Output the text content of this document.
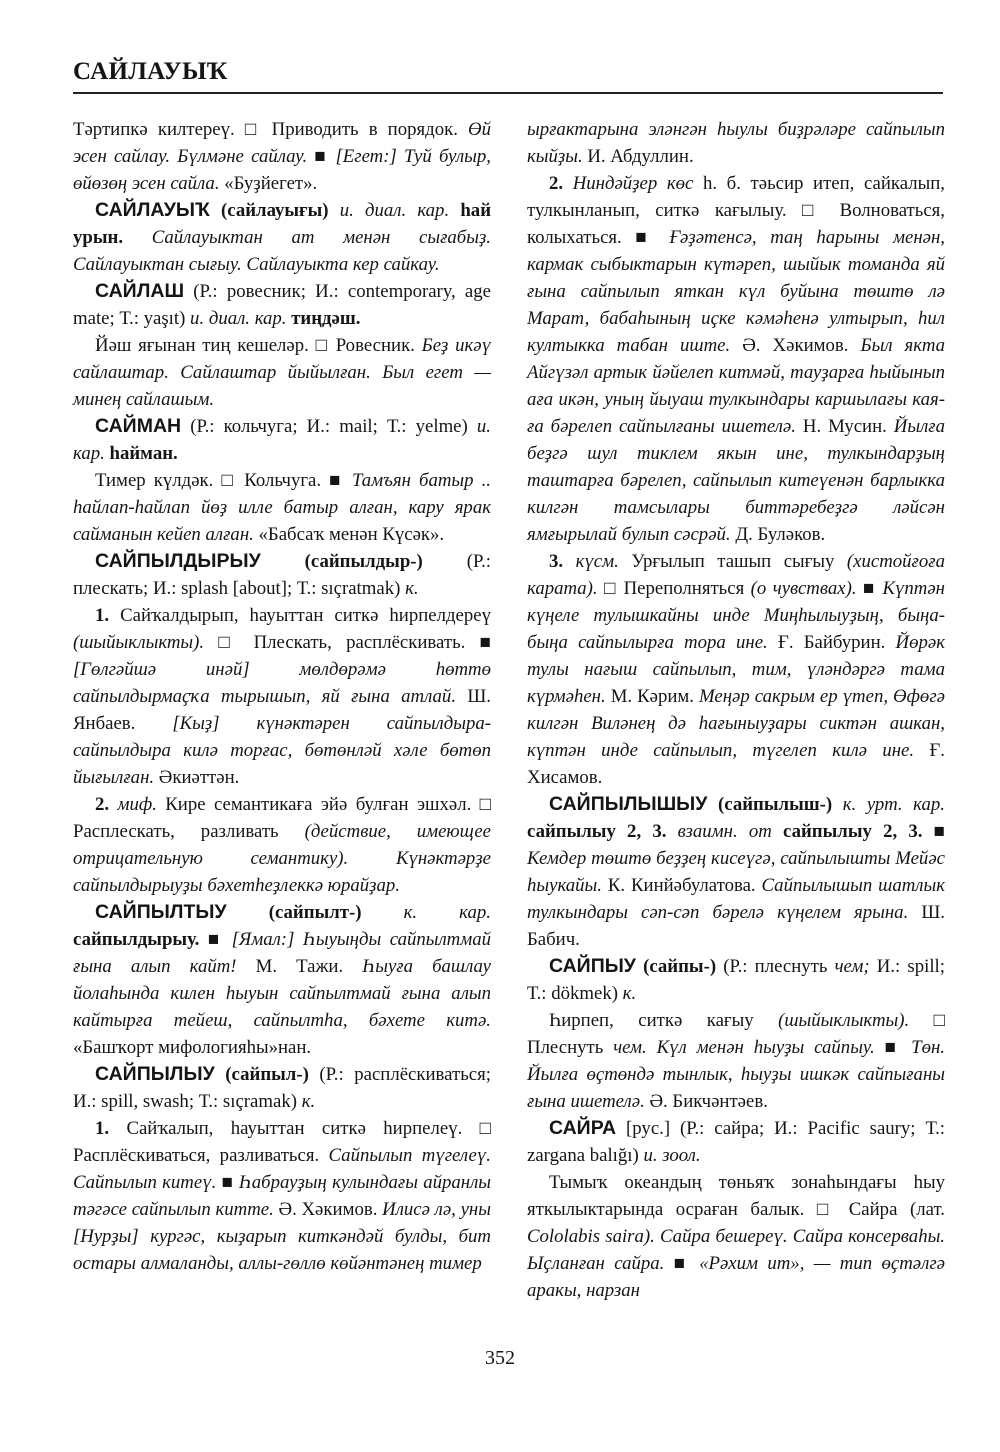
САЙЛАУЫҠ

Тәртипкә килтереү. □ Приводить в порядок. Өй эсен сайлау. Бүлмәне сайлау. ■ [Егет:] Туй булыр, өйөзөң эсен сайла. «Буҙйегет».

САЙЛАУЫҠ (сайлауығы) и. диал. кар. һай урын. Сайлауыктан ат менән сығабыҙ. Сайлауыктан сығыу. Сайлауыкта кер сайкау.

САЙЛАШ (Р.: ровесник; И.: contemporary, age mate; Т.: yaşıt) и. диал. кар. тиңдәш.

Йәш яғынан тиң кешеләр. □ Ровесник. Беҙ икәү сайлаштар. Сайлаштар йыйылған. Был егет — минең сайлашым.

САЙМАН (Р.: кольчуга; И.: mail; Т.: yelme) и. кар. һайман.

Тимер күлдәк. □ Кольчуга. ■ Тамъян батыр .. һайлап-һайлап йөҙ илле батыр алған, кару ярак сайманын кейеп алған. «Бабсаҡ менән Күсәк».

САЙПЫЛДЫРЫУ (сайпылдыр-) (Р.: плескать; И.: splash [about]; Т.: sıçratmak) к.

1. Сайҡалдырып, һауыттан ситкә һирпелдереү (шыйыклыкты). □ Плескать, расплёскивать. ■ [Гөлгәйшә инәй] мөлдөрәмә һөттө сайпылдырмаҫҡа тырышып, яй ғына атлай. Ш. Янбаев. [Кыҙ] күнәктәрен сайпылдыра-сайпылдыра килә торғас, бөтөнләй хәле бөтөп йығылған. Әкиәттән.

2. миф. Кире семантикаға эйә булған эшхәл. □ Расплескать, разливать (действие, имеющее отрицательную семантику). Күнәктәрҙе сайпылдырыуҙы бәхетһеҙлеккә юрайҙар.

САЙПЫЛТЫУ (сайпылт-) к. кар. сайпылдырыу. ■ [Ямал:] Һыуыңды сайпылтмай ғына алып кайт! М. Тажи. Һыуға башлау йолаһында килен һыуын сайпылтмай ғына алып кайтырға тейеш, сайпылтһа, бәхете китә. «Башҡорт мифологияһы»нан.

САЙПЫЛЫУ (сайпыл-) (Р.: расплёскиваться; И.: spill, swash; Т.: sıçramak) к.

1. Сайҡалып, һауыттан ситкә һирпелеү. □ Расплёскиваться, разливаться. Сайпылып түгелеү. Сайпылып китеү. ■ Һабрауҙың кулындағы айранлы тәгәсе сайпылып китте. Ә. Хәкимов. Илисә лә, уны [Нурҙы] кургәс, кыҙарып киткәндәй булды, бит остары алмаланды, аллы-гөллө көйәнтәнең тимер

ырғактарына эләнгән һыулы биҙрәләре сайпылып кыйҙы. И. Абдуллин.

2. Ниндәйҙер көс һ. б. тәьсир итеп, сайкалып, тулкынланып, ситкә кағылыу. □ Волноваться, колыхаться. ■ Ғәҙәтенсә, таң һарыны менән, кармак сыбыктарын күтәреп, шыйык томанда яй ғына сайпылып яткан күл буйына төштө лә Марат, бабаһының иҫке кәмәһенә ултырып, һил култыкка табан иште. Ә. Хәкимов. Был якта Айгүзәл артык йәйелеп китмәй, тауҙарға һыйынып аға икән, уның йыуаш тулкындары каршылағы каяға бәрелеп сайпылғаны ишетелә. Н. Мусин. Йылға беҙгә шул тиклем якын ине, тулкындарҙың таштарға бәрелеп, сайпылып китеүенән барлыкка килгән тамсылары биттәребеҙгә ләйсән ямғырылай булып сәсрәй. Д. Буләков.

3. күсм. Урғылып ташып сығыу (хистойғоға карата). □ Переполняться (о чувствах). ■ Күптән күңеле тулышкайны инде Миңһылыуҙың, быңа-быңа сайпылырға тора ине. Ғ. Байбурин. Йөрәк тулы нағыш сайпылып, тим, үләндәргә тама күрмәһен. М. Кәрим. Меңәр сакрым ер үтеп, Өфөгә килгән Виләнең дә һағыныуҙары сиктән ашкан, күптән инде сайпылып, түгелеп килә ине. Ғ. Хисамов.

САЙПЫЛЫШЫУ (сайпылыш-) к. урт. кар. сайпылыу 2, 3. взаимн. от сайпылыу 2, 3. ■ Кемдер төштө беҙҙең кисеүгә, сайпылышты Мейәс һыукайы. К. Кинйәбулатова. Сайпылышып шатлык тулкындары сәп-сәп бәрелә күңелем ярына. Ш. Бабич.

САЙПЫУ (сайпы-) (Р.: плеснуть чем; И.: spill; Т.: dökmek) к.

Һирпеп, ситкә кағыу (шыйыклыкты). □ Плеснуть чем. Күл менән һыуҙы сайпыу. ■ Төн. Йылға өҫтөндә тынлык, һыуҙы ишкәк сайпығаны ғына ишетелә. Ә. Бикчәнтәев.

САЙРА [рус.] (Р.: сайра; И.: Pacific saury; Т.: zargana balığı) и. зоол.

Тымыҡ океандың төньяҡ зонаһындағы һыу яткылыктарында осраған балык. □ Сайра (лат. Cololabis saira). Сайра бешереү. Сайра консерваһы. Ыҫланған сайра. ■ «Рәхим ит», — тип өҫтәлгә аракы, нарзан

352
